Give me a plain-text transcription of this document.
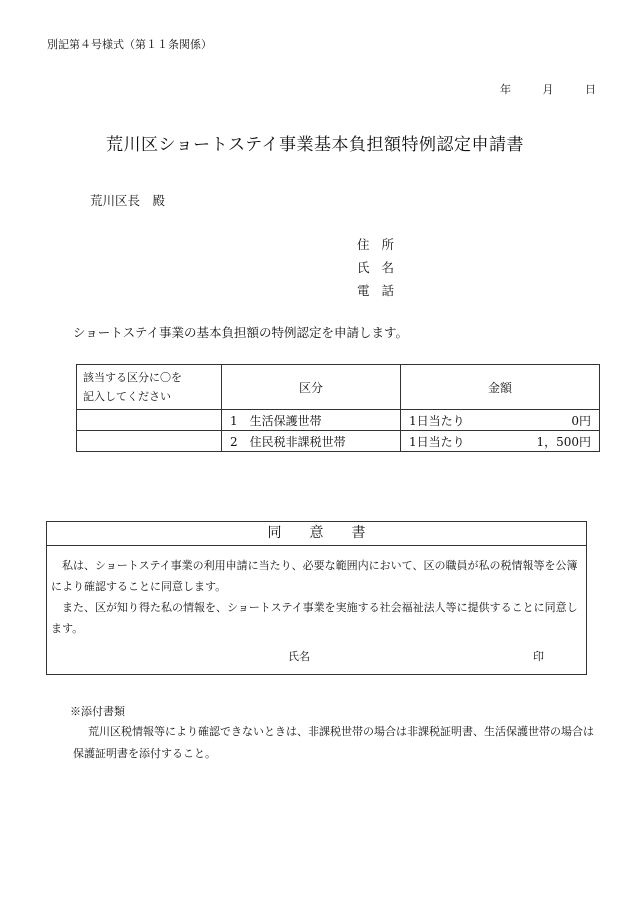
別記第４号様式（第１１条関係）
年	月	日
荒川区ショートステイ事業基本負担額特例認定申請書
荒川区長　殿
住 所
氏 名
電 話
ショートステイ事業の基本負担額の特例認定を申請します。
該当する区分に〇を
記入してください	区分	金額
	1　生活保護世帯	1日当たり 0円

	2　住民税非課税世帯	1日当たり 1，500円
同　　意　　書

私は、ショートステイ事業の利用申請に当たり、必要な範囲内において、区の職員が私の税情報等を公簿により確認することに同意します。

また、区が知り得た私の情報を、ショートステイ事業を実施する社会福祉法人等に提供することに同意します。

氏名	印
※添付書類

荒川区税情報等により確認できないときは、非課税世帯の場合は非課税証明書、生活保護世帯の場合は保護証明書を添付すること。
